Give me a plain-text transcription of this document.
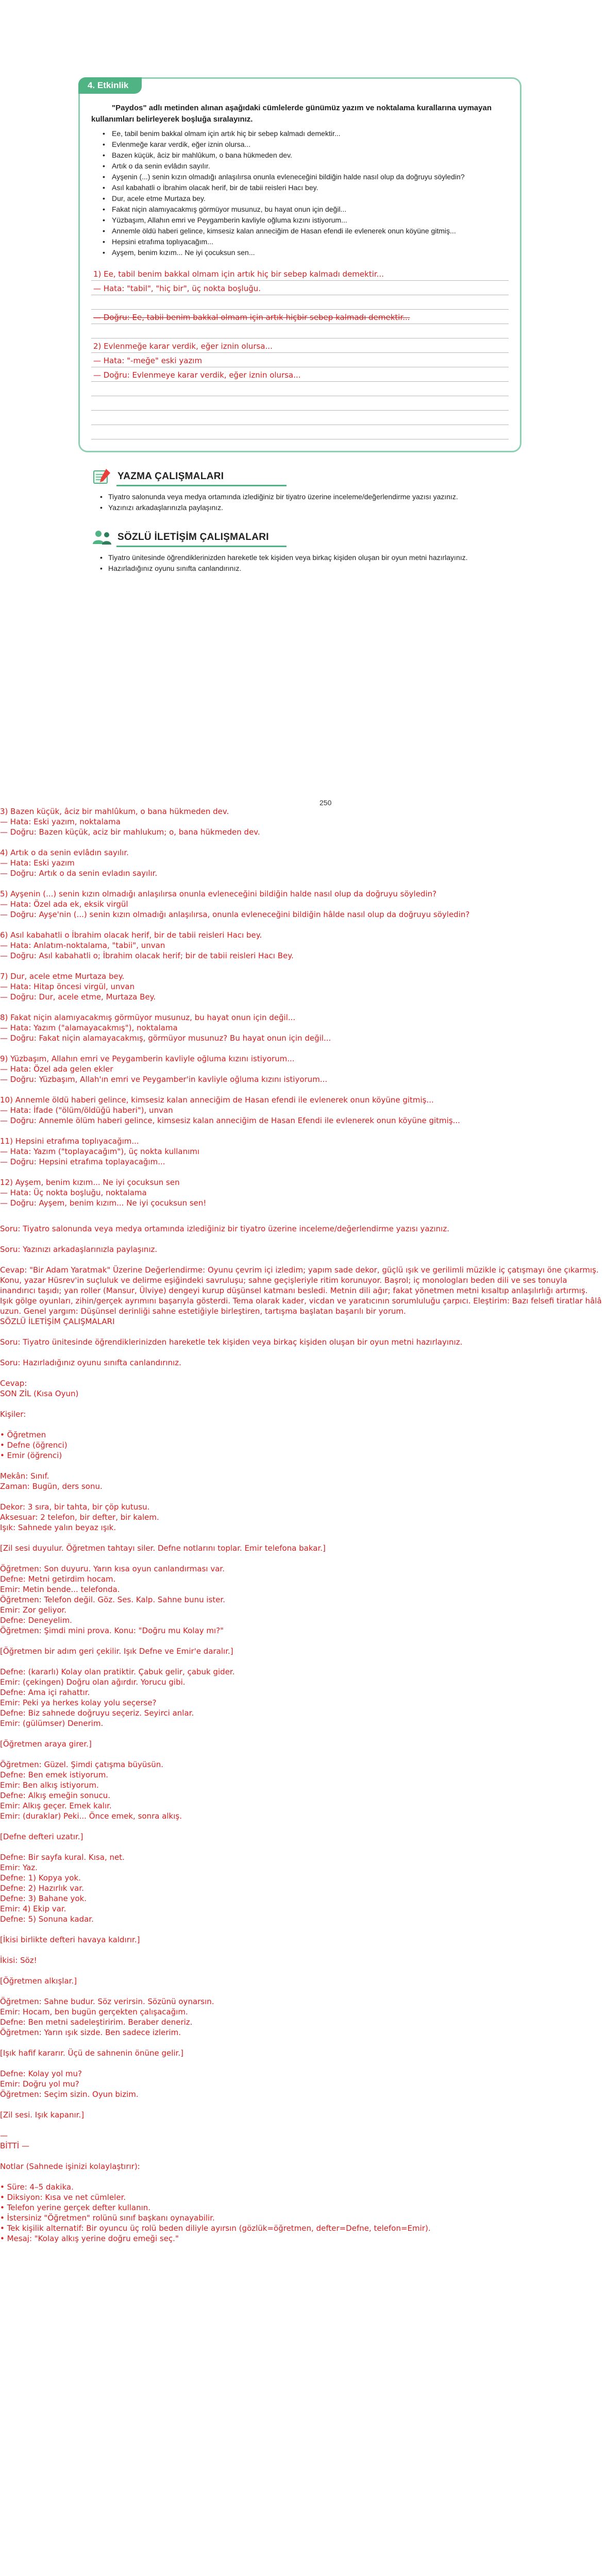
4. Etkinlik

"Paydos" adlı metinden alınan aşağıdaki cümlelerde günümüz yazım ve noktalama kurallarına uymayan kullanımları belirleyerek boşluğa sıralayınız.

• Ee, tabil benim bakkal olmam için artık hiç bir sebep kalmadı demektir...
• Evlenmeğe karar verdik, eğer iznin olursa...
• Bazen küçük, âciz bir mahlûkum, o bana hükmeden dev.
• Artık o da senin evlâdın sayılır.
• Ayşenin (...) senin kızın olmadığı anlaşılırsa onunla evleneceğini bildiğin halde nasıl olup da doğruyu söyledin?
• Asıl kabahatli o İbrahim olacak herif, bir de tabii reisleri Hacı bey.
• Dur, acele etme Murtaza bey.
• Fakat niçin alamıyacakmış görmüyor musunuz, bu hayat onun için değil...
• Yüzbaşım, Allahın emri ve Peygamberin kavliyle oğluma kızını istiyorum...
• Annemle öldü haberi gelince, kimsesiz kalan anneciğim de Hasan efendi ile evlenerek onun köyüne gitmiş...
• Hepsini etrafıma toplıyacağım...
• Ayşem, benim kızım... Ne iyi çocuksun sen...
1) Ee, tabil benim bakkal olmam için artık hiç bir sebep kalmadı demektir...
— Hata: "tabil", "hiç bir", üç nokta boşluğu.
— Doğru: Ee, tabii benim bakkal olmam için artık hiçbir sebep kalmadı demektir...
2) Evlenmeğe karar verdik, eğer iznin olursa...
— Hata: "-meğe" eski yazım
— Doğru: Evlenmeye karar verdik, eğer iznin olursa...
YAZMA ÇALIŞMALARI
• Tiyatro salonunda veya medya ortamında izlediğiniz bir tiyatro üzerine inceleme/değerlendirme yazısı yazınız.
• Yazınızı arkadaşlarınızla paylaşınız.
SÖZLÜ İLETİŞİM ÇALIŞMALARI
• Tiyatro ünitesinde öğrendiklerinizden hareketle tek kişiden veya birkaç kişiden oluşan bir oyun metni hazırlayınız.
• Hazırladığınız oyunu sınıfta canlandırınız.
250

3) Bazen küçük, âciz bir mahlûkum, o bana hükmeden dev.
— Hata: Eski yazım, noktalama
— Doğru: Bazen küçük, aciz bir mahlukum; o, bana hükmeden dev.

4) Artık o da senin evlâdın sayılır.
— Hata: Eski yazım
— Doğru: Artık o da senin evladın sayılır.

5) Ayşenin (...) senin kızın olmadığı anlaşılırsa onunla evleneceğini bildiğin halde nasıl olup da doğruyu söyledin?
— Hata: Özel ada ek, eksik virgül
— Doğru: Ayşe'nin (...) senin kızın olmadığı anlaşılırsa, onunla evleneceğini bildiğin hâlde nasıl olup da doğruyu söyledin?

6) Asıl kabahatli o İbrahim olacak herif, bir de tabii reisleri Hacı bey.
— Hata: Anlatım-noktalama, "tabii", unvan
— Doğru: Asıl kabahatli o; İbrahim olacak herif; bir de tabii reisleri Hacı Bey.

7) Dur, acele etme Murtaza bey.
— Hata: Hitap öncesi virgül, unvan
— Doğru: Dur, acele etme, Murtaza Bey.

8) Fakat niçin alamıyacakmış görmüyor musunuz, bu hayat onun için değil...
— Hata: Yazım ("alamayacakmış"), noktalama
— Doğru: Fakat niçin alamayacakmış, görmüyor musunuz? Bu hayat onun için değil...

9) Yüzbaşım, Allahın emri ve Peygamberin kavliyle oğluma kızını istiyorum...
— Hata: Özel ada gelen ekler
— Doğru: Yüzbaşım, Allah'ın emri ve Peygamber'in kavliyle oğluma kızını istiyorum...

10) Annemle öldü haberi gelince, kimsesiz kalan anneciğim de Hasan efendi ile evlenerek onun köyüne gitmiş...
— Hata: İfade ("ölüm/öldüğü haberi"), unvan
— Doğru: Annemle ölüm haberi gelince, kimsesiz kalan anneciğim de Hasan Efendi ile evlenerek onun köyüne gitmiş...

11) Hepsini etrafıma toplıyacağım...
— Hata: Yazım ("toplayacağım"), üç nokta kullanımı
— Doğru: Hepsini etrafıma toplayacağım...

12) Ayşem, benim kızım... Ne iyi çocuksun sen
— Hata: Üç nokta boşluğu, noktalama
— Doğru: Ayşem, benim kızım... Ne iyi çocuksun sen!

Soru: Tiyatro salonunda veya medya ortamında izlediğiniz bir tiyatro üzerine inceleme/değerlendirme yazısı yazınız.

Soru: Yazınızı arkadaşlarınızla paylaşınız.

Cevap: "Bir Adam Yaratmak" Üzerine Değerlendirme: Oyunu çevrim içi izledim; yapım sade dekor, güçlü ışık ve gerilimli müzikle iç çatışmayı öne çıkarmış. Konu, yazar Hüsrev'in suçluluk ve delirme eşiğindeki savruluşu; sahne geçişleriyle ritim korunuyor. Başrol; iç monologları beden dili ve ses tonuyla inandırıcı taşıdı; yan roller (Mansur, Ülviye) dengeyi kurup düşünsel katmanı besledi. Metnin dili ağır; fakat yönetmen metni kısaltıp anlaşılırlığı artırmış. Işık gölge oyunları, zihin/gerçek ayrımını başarıyla gösterdi. Tema olarak kader, vicdan ve yaratıcının sorumluluğu çarpıcı. Eleştirim: Bazı felsefi tiratlar hâlâ uzun. Genel yargım: Düşünsel derinliği sahne estetiğiyle birleştiren, tartışma başlatan başarılı bir yorum.
SÖZLÜ İLETİŞİM ÇALIŞMALARI

Soru: Tiyatro ünitesinde öğrendiklerinizden hareketle tek kişiden veya birkaç kişiden oluşan bir oyun metni hazırlayınız.

Soru: Hazırladığınız oyunu sınıfta canlandırınız.

Cevap:
SON ZİL (Kısa Oyun)

Kişiler:

• Öğretmen
• Defne (öğrenci)
• Emir (öğrenci)

Mekân: Sınıf.
Zaman: Bugün, ders sonu.

Dekor: 3 sıra, bir tahta, bir çöp kutusu.
Aksesuar: 2 telefon, bir defter, bir kalem.
Işık: Sahnede yalın beyaz ışık.

[Zil sesi duyulur. Öğretmen tahtayı siler. Defne notlarını toplar. Emir telefona bakar.]

Öğretmen: Son duyuru. Yarın kısa oyun canlandırması var.
Defne: Metni getirdim hocam.
Emir: Metin bende... telefonda.
Öğretmen: Telefon değil. Göz. Ses. Kalp. Sahne bunu ister.
Emir: Zor geliyor.
Defne: Deneyelim.
Öğretmen: Şimdi mini prova. Konu: "Doğru mu Kolay mı?"

[Öğretmen bir adım geri çekilir. Işık Defne ve Emir'e daralır.]

Defne: (kararlı) Kolay olan pratiktir. Çabuk gelir, çabuk gider.
Emir: (çekingen) Doğru olan ağırdır. Yorucu gibi.
Defne: Ama içi rahattır.
Emir: Peki ya herkes kolay yolu seçerse?
Defne: Biz sahnede doğruyu seçeriz. Seyirci anlar.
Emir: (gülümser) Denerim.

[Öğretmen araya girer.]

Öğretmen: Güzel. Şimdi çatışma büyüsün.
Defne: Ben emek istiyorum.
Emir: Ben alkış istiyorum.
Defne: Alkış emeğin sonucu.
Emir: Alkış geçer. Emek kalır.
Emir: (duraklar) Peki... Önce emek, sonra alkış.

[Defne defteri uzatır.]

Defne: Bir sayfa kural. Kısa, net.
Emir: Yaz.
Defne: 1) Kopya yok.
Defne: 2) Hazırlık var.
Defne: 3) Bahane yok.
Emir: 4) Ekip var.
Defne: 5) Sonuna kadar.

[İkisi birlikte defteri havaya kaldırır.]

İkisi: Söz!

[Öğretmen alkışlar.]

Öğretmen: Sahne budur. Söz verirsin. Sözünü oynarsın.
Emir: Hocam, ben bugün gerçekten çalışacağım.
Defne: Ben metni sadeleştiririm. Beraber deneriz.
Öğretmen: Yarın ışık sizde. Ben sadece izlerim.

[Işık hafif kararır. Üçü de sahnenin önüne gelir.]

Defne: Kolay yol mu?
Emir: Doğru yol mu?
Öğretmen: Seçim sizin. Oyun bizim.

[Zil sesi. Işık kapanır.]

—
BİTTİ —

Notlar (Sahnede işinizi kolaylaştırır):

• Süre: 4–5 dakika.
• Diksiyon: Kısa ve net cümleler.
• Telefon yerine gerçek defter kullanın.
• İstersiniz "Öğretmen" rolünü sınıf başkanı oynayabilir.
• Tek kişilik alternatif: Bir oyuncu üç rolü beden diliyle ayırsın (gözlük=öğretmen, defter=Defne, telefon=Emir).
• Mesaj: "Kolay alkış yerine doğru emeği seç."
